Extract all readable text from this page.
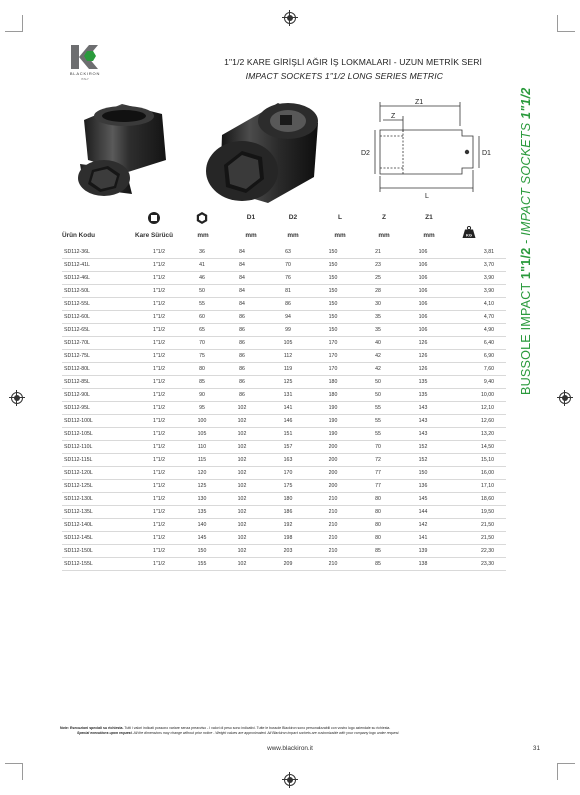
BLACKIRON
ITALY
1"1/2 KARE GİRİŞLİ AĞIR İŞ LOKMALARI - UZUN METRİK SERİ
IMPACT SOCKETS 1"1/2 LONG SERIES METRIC
BUSSOLE IMPACT 1"1/2 - IMPACT SOCKETS 1"1/2
Z1
Z
D2	D1
L
KG
D1	D2	L	Z	Z1
Ürün Kodu	Kare Sürücü	mm	mm	mm	mm	mm	mm
SD112-36L	1"1/2	36	84	63	150	21	106	3,81
SD112-41L	1"1/2	41	84	70	150	23	106	3,70
SD112-46L	1"1/2	46	84	76	150	25	106	3,90
SD112-50L	1"1/2	50	84	81	150	28	106	3,90
SD112-55L	1"1/2	55	84	86	150	30	106	4,10
SD112-60L	1"1/2	60	86	94	150	35	106	4,70
SD112-65L	1"1/2	65	86	99	150	35	106	4,90
SD112-70L	1"1/2	70	86	105	170	40	126	6,40
SD112-75L	1"1/2	75	86	112	170	42	126	6,90
SD112-80L	1"1/2	80	86	119	170	42	126	7,60
SD112-85L	1"1/2	85	86	125	180	50	135	9,40
SD112-90L	1"1/2	90	86	131	180	50	135	10,00
SD112-95L	1"1/2	95	102	141	190	55	143	12,10
SD112-100L	1"1/2	100	102	146	190	55	143	12,60
SD112-105L	1"1/2	105	102	151	190	55	143	13,20
SD112-110L	1"1/2	110	102	157	200	70	152	14,50
SD112-115L	1"1/2	115	102	163	200	72	152	15,10
SD112-120L	1"1/2	120	102	170	200	77	150	16,00
SD112-125L	1"1/2	125	102	175	200	77	136	17,10
SD112-130L	1"1/2	130	102	180	210	80	145	18,60
SD112-135L	1"1/2	135	102	186	210	80	144	19,50
SD112-140L	1"1/2	140	102	192	210	80	142	21,50
SD112-145L	1"1/2	145	102	198	210	80	141	21,50
SD112-150L	1"1/2	150	102	203	210	85	139	22,30
SD112-155L	1"1/2	155	102	209	210	85	138	23,30
Note: Esecuzioni speciali su richiesta. Tutti i valori indicati possono variare senza preavviso - I valori di peso sono indicativi. Tutte le bussole Blackiron sono personalizzabili con vostro logo aziendale su richiesta.
Special executions upon request. All the dimensions may change without prior notice - Weight values are approximated. All Blackiron impact sockets are customizable with your company logo under request.
www.blackiron.it	31
